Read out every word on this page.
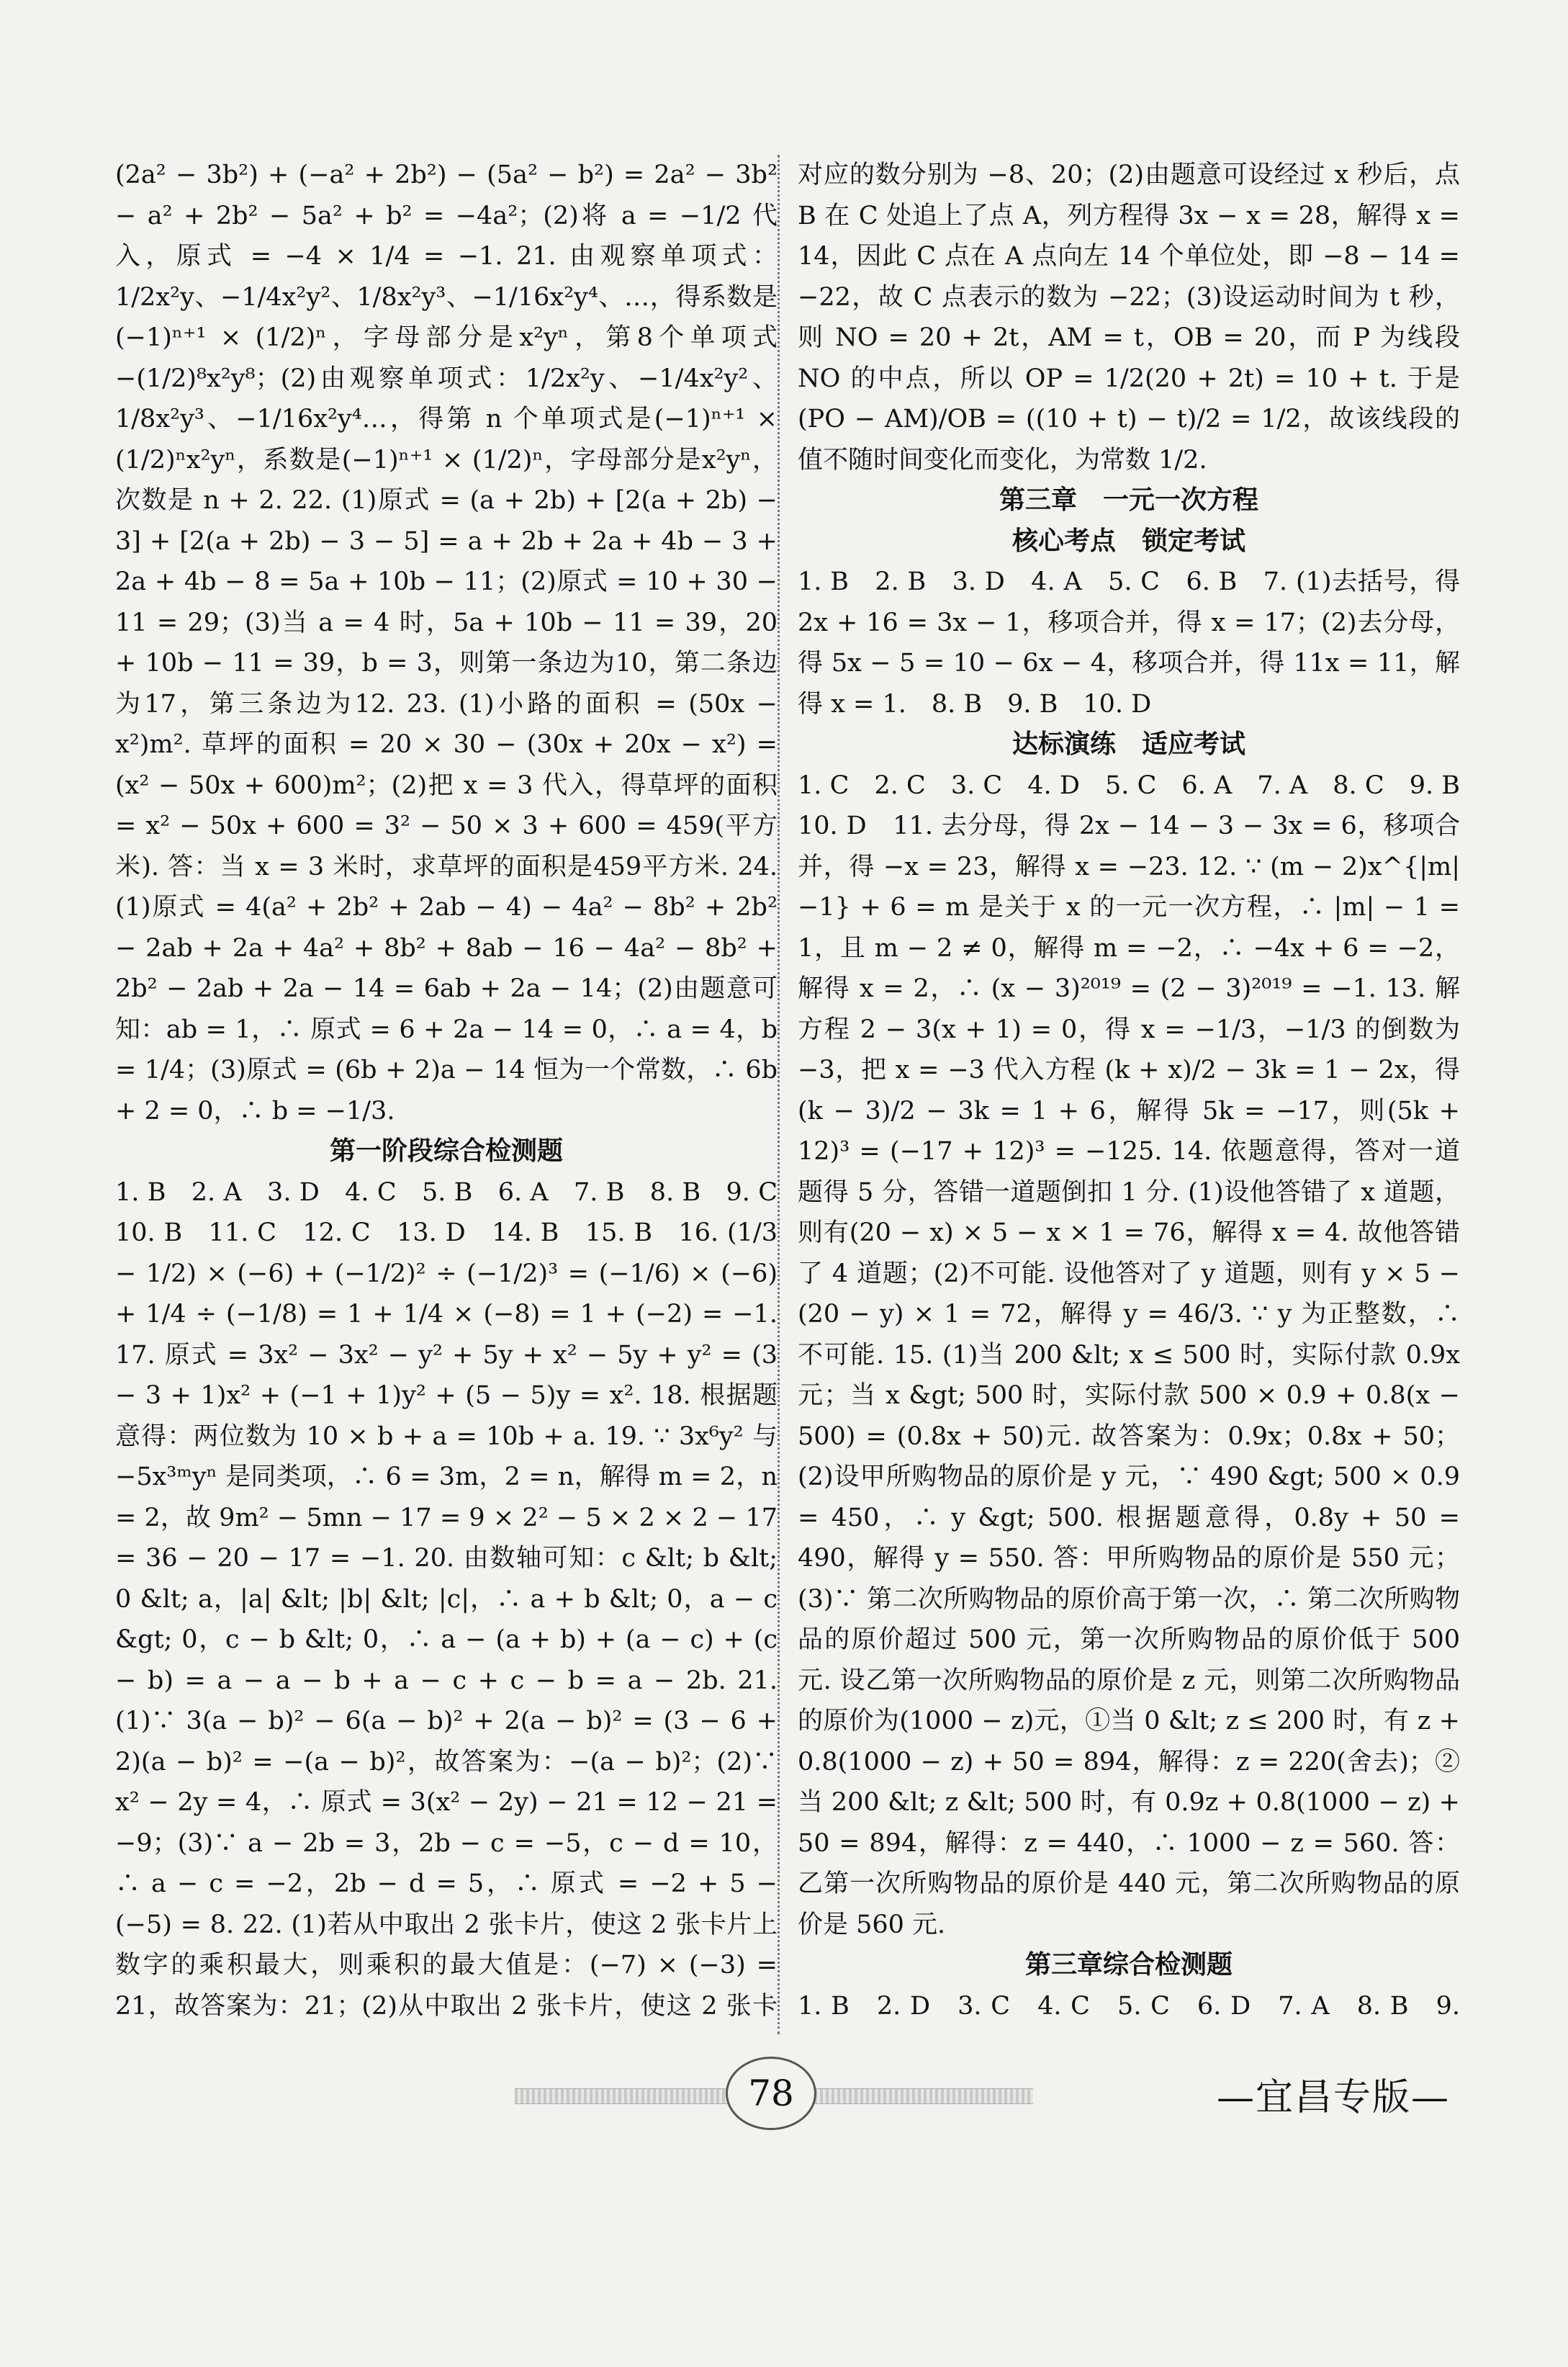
(2a² − 3b²) + (−a² + 2b²) − (5a² − b²) = 2a² − 3b² − a² + 2b² − 5a² + b² = −4a²；(2)将 a = −1/2 代入，原式 = −4 × 1/4 = −1. 21. 由观察单项式：1/2x²y、−1/4x²y²、1/8x²y³、−1/16x²y⁴、…，得系数是(−1)ⁿ⁺¹ × (1/2)ⁿ，字母部分是x²yⁿ，第8个单项式 −(1/2)⁸x²y⁸；(2)由观察单项式：1/2x²y、−1/4x²y²、1/8x²y³、−1/16x²y⁴…，得第 n 个单项式是(−1)ⁿ⁺¹ × (1/2)ⁿx²yⁿ，系数是(−1)ⁿ⁺¹ × (1/2)ⁿ，字母部分是x²yⁿ，次数是 n + 2. 22. (1)原式 = (a + 2b) + [2(a + 2b) − 3] + [2(a + 2b) − 3 − 5] = a + 2b + 2a + 4b − 3 + 2a + 4b − 8 = 5a + 10b − 11；(2)原式 = 10 + 30 − 11 = 29；(3)当 a = 4 时，5a + 10b − 11 = 39，20 + 10b − 11 = 39，b = 3，则第一条边为10，第二条边为17，第三条边为12. 23. (1)小路的面积 = (50x − x²)m². 草坪的面积 = 20 × 30 − (30x + 20x − x²) = (x² − 50x + 600)m²；(2)把 x = 3 代入，得草坪的面积 = x² − 50x + 600 = 3² − 50 × 3 + 600 = 459(平方米). 答：当 x = 3 米时，求草坪的面积是459平方米. 24. (1)原式 = 4(a² + 2b² + 2ab − 4) − 4a² − 8b² + 2b² − 2ab + 2a + 4a² + 8b² + 8ab − 16 − 4a² − 8b² + 2b² − 2ab + 2a − 14 = 6ab + 2a − 14；(2)由题意可知：ab = 1，∴ 原式 = 6 + 2a − 14 = 0，∴ a = 4，b = 1/4；(3)原式 = (6b + 2)a − 14 恒为一个常数，∴ 6b + 2 = 0，∴ b = −1/3.

第一阶段综合检测题

1. B　2. A　3. D　4. C　5. B　6. A　7. B　8. B　9. C　10. B　11. C　12. C　13. D　14. B　15. B　16. (1/3 − 1/2) × (−6) + (−1/2)² ÷ (−1/2)³ = (−1/6) × (−6) + 1/4 ÷ (−1/8) = 1 + 1/4 × (−8) = 1 + (−2) = −1. 17. 原式 = 3x² − 3x² − y² + 5y + x² − 5y + y² = (3 − 3 + 1)x² + (−1 + 1)y² + (5 − 5)y = x². 18. 根据题意得：两位数为 10 × b + a = 10b + a. 19. ∵ 3x⁶y² 与 −5x³ᵐyⁿ 是同类项，∴ 6 = 3m，2 = n，解得 m = 2，n = 2，故 9m² − 5mn − 17 = 9 × 2² − 5 × 2 × 2 − 17 = 36 − 20 − 17 = −1. 20. 由数轴可知：c &lt; b &lt; 0 &lt; a，|a| &lt; |b| &lt; |c|，∴ a + b &lt; 0，a − c &gt; 0，c − b &lt; 0，∴ a − (a + b) + (a − c) + (c − b) = a − a − b + a − c + c − b = a − 2b. 21. (1)∵ 3(a − b)² − 6(a − b)² + 2(a − b)² = (3 − 6 + 2)(a − b)² = −(a − b)²，故答案为：−(a − b)²；(2)∵ x² − 2y = 4，∴ 原式 = 3(x² − 2y) − 21 = 12 − 21 = −9；(3)∵ a − 2b = 3，2b − c = −5，c − d = 10，∴ a − c = −2，2b − d = 5，∴ 原式 = −2 + 5 − (−5) = 8. 22. (1)若从中取出 2 张卡片，使这 2 张卡片上数字的乘积最大，则乘积的最大值是：(−7) × (−3) = 21，故答案为：21；(2)从中取出 2 张卡片，使这 2 张卡

对应的数分别为 −8、20；(2)由题意可设经过 x 秒后，点 B 在 C 处追上了点 A，列方程得 3x − x = 28，解得 x = 14，因此 C 点在 A 点向左 14 个单位处，即 −8 − 14 = −22，故 C 点表示的数为 −22；(3)设运动时间为 t 秒，则 NO = 20 + 2t，AM = t，OB = 20，而 P 为线段 NO 的中点，所以 OP = 1/2(20 + 2t) = 10 + t. 于是 (PO − AM)/OB = ((10 + t) − t)/2 = 1/2，故该线段的值不随时间变化而变化，为常数 1/2.

第三章　一元一次方程
核心考点　锁定考试

1. B　2. B　3. D　4. A　5. C　6. B　7. (1)去括号，得 2x + 16 = 3x − 1，移项合并，得 x = 17；(2)去分母，得 5x − 5 = 10 − 6x − 4，移项合并，得 11x = 11，解得 x = 1.　8. B　9. B　10. D

达标演练　适应考试

1. C　2. C　3. C　4. D　5. C　6. A　7. A　8. C　9. B　10. D　11. 去分母，得 2x − 14 − 3 − 3x = 6，移项合并，得 −x = 23，解得 x = −23. 12. ∵ (m − 2)x^{|m|−1} + 6 = m 是关于 x 的一元一次方程，∴ |m| − 1 = 1，且 m − 2 ≠ 0，解得 m = −2，∴ −4x + 6 = −2，解得 x = 2，∴ (x − 3)²⁰¹⁹ = (2 − 3)²⁰¹⁹ = −1. 13. 解方程 2 − 3(x + 1) = 0，得 x = −1/3，−1/3 的倒数为 −3，把 x = −3 代入方程 (k + x)/2 − 3k = 1 − 2x，得 (k − 3)/2 − 3k = 1 + 6，解得 5k = −17，则(5k + 12)³ = (−17 + 12)³ = −125. 14. 依题意得，答对一道题得 5 分，答错一道题倒扣 1 分. (1)设他答错了 x 道题，则有(20 − x) × 5 − x × 1 = 76，解得 x = 4. 故他答错了 4 道题；(2)不可能. 设他答对了 y 道题，则有 y × 5 − (20 − y) × 1 = 72，解得 y = 46/3. ∵ y 为正整数，∴ 不可能. 15. (1)当 200 &lt; x ≤ 500 时，实际付款 0.9x 元；当 x &gt; 500 时，实际付款 500 × 0.9 + 0.8(x − 500) = (0.8x + 50)元. 故答案为：0.9x；0.8x + 50；(2)设甲所购物品的原价是 y 元，∵ 490 &gt; 500 × 0.9 = 450，∴ y &gt; 500. 根据题意得，0.8y + 50 = 490，解得 y = 550. 答：甲所购物品的原价是 550 元；(3)∵ 第二次所购物品的原价高于第一次，∴ 第二次所购物品的原价超过 500 元，第一次所购物品的原价低于 500 元. 设乙第一次所购物品的原价是 z 元，则第二次所购物品的原价为(1000 − z)元，①当 0 &lt; z ≤ 200 时，有 z + 0.8(1000 − z) + 50 = 894，解得：z = 220(舍去)；②当 200 &lt; z &lt; 500 时，有 0.9z + 0.8(1000 − z) + 50 = 894，解得：z = 440，∴ 1000 − z = 560. 答：乙第一次所购物品的原价是 440 元，第二次所购物品的原价是 560 元.

第三章综合检测题

1. B　2. D　3. C　4. C　5. C　6. D　7. A　8. B　9. 　 　 　 　 　 　 　

78	—宜昌专版—
